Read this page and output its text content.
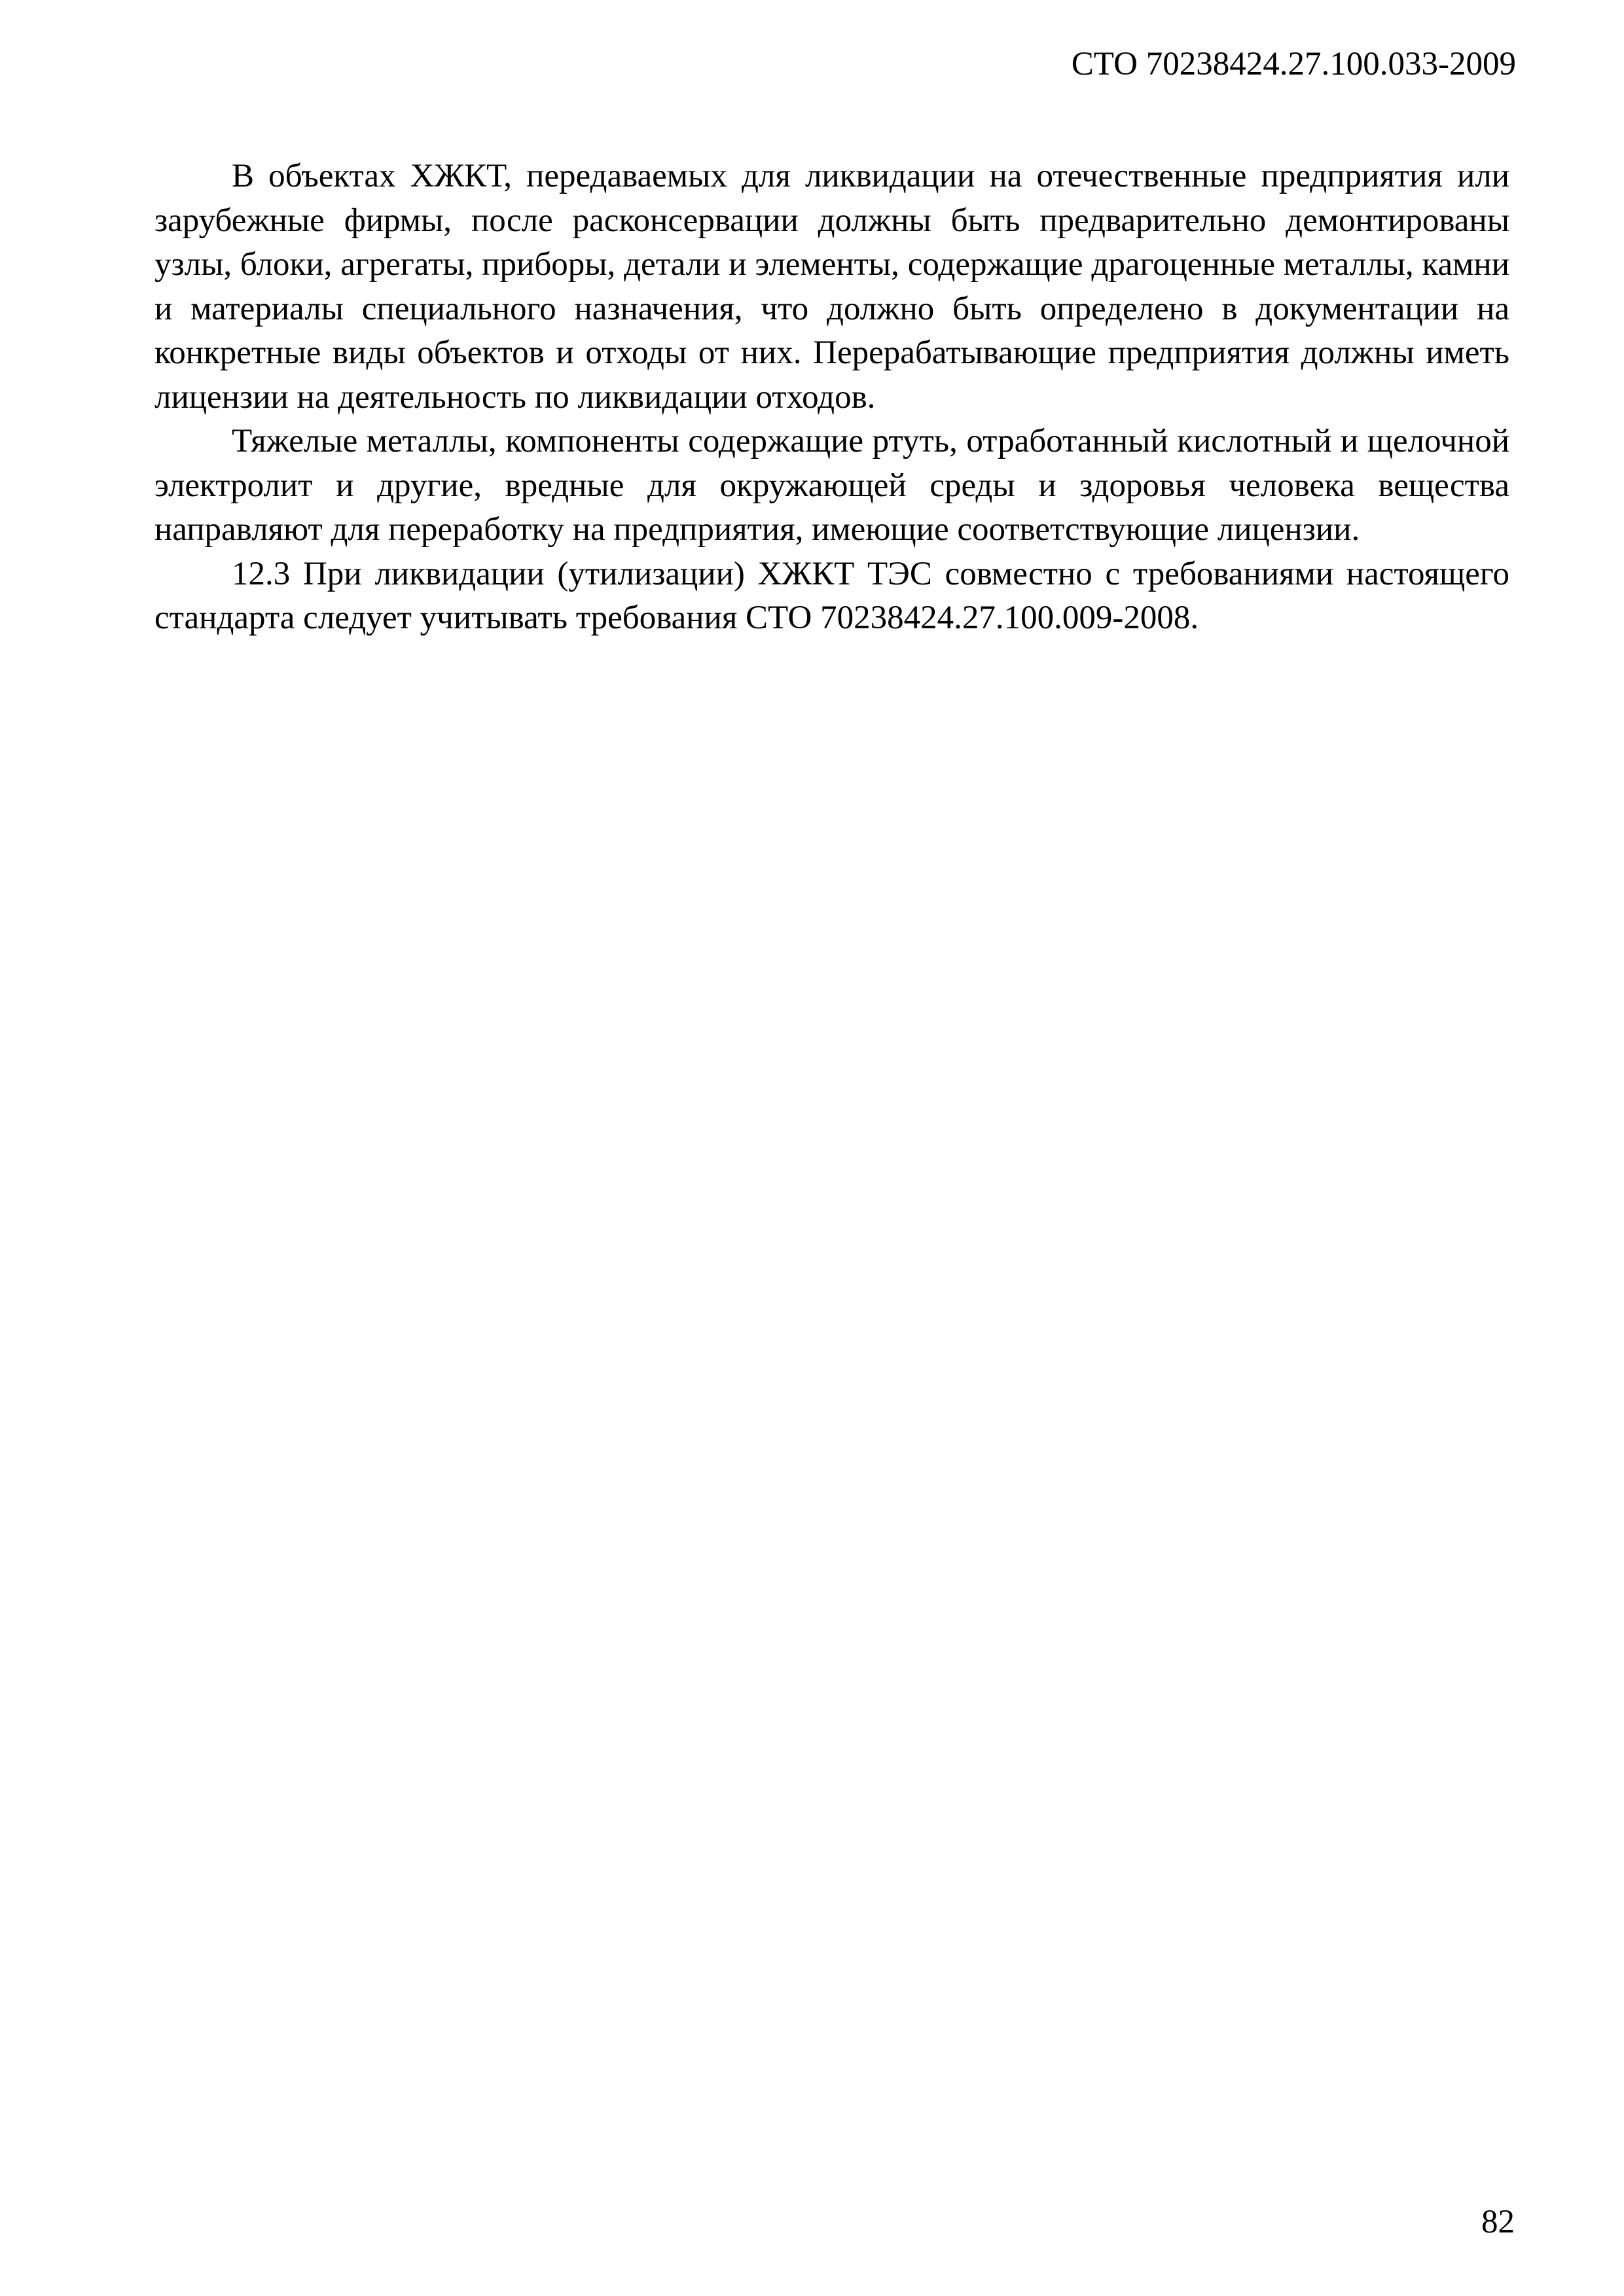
СТО 70238424.27.100.033-2009

В объектах ХЖКТ, передаваемых для ликвидации на отечественные предприятия или зарубежные фирмы, после расконсервации должны быть предварительно демонтированы узлы, блоки, агрегаты, приборы, детали и элементы, содержащие драгоценные металлы, камни и материалы специального назначения, что должно быть определено в документации на конкретные виды объектов и отходы от них. Перерабатывающие предприятия должны иметь лицензии на деятельность по ликвидации отходов.

Тяжелые металлы, компоненты содержащие ртуть, отработанный кислотный и щелочной электролит и другие, вредные для окружающей среды и здоровья человека вещества направляют для переработку на предприятия, имеющие соответствующие лицензии.

12.3 При ликвидации (утилизации) ХЖКТ ТЭС совместно с требованиями настоящего стандарта следует учитывать требования СТО 70238424.27.100.009-2008.

82
